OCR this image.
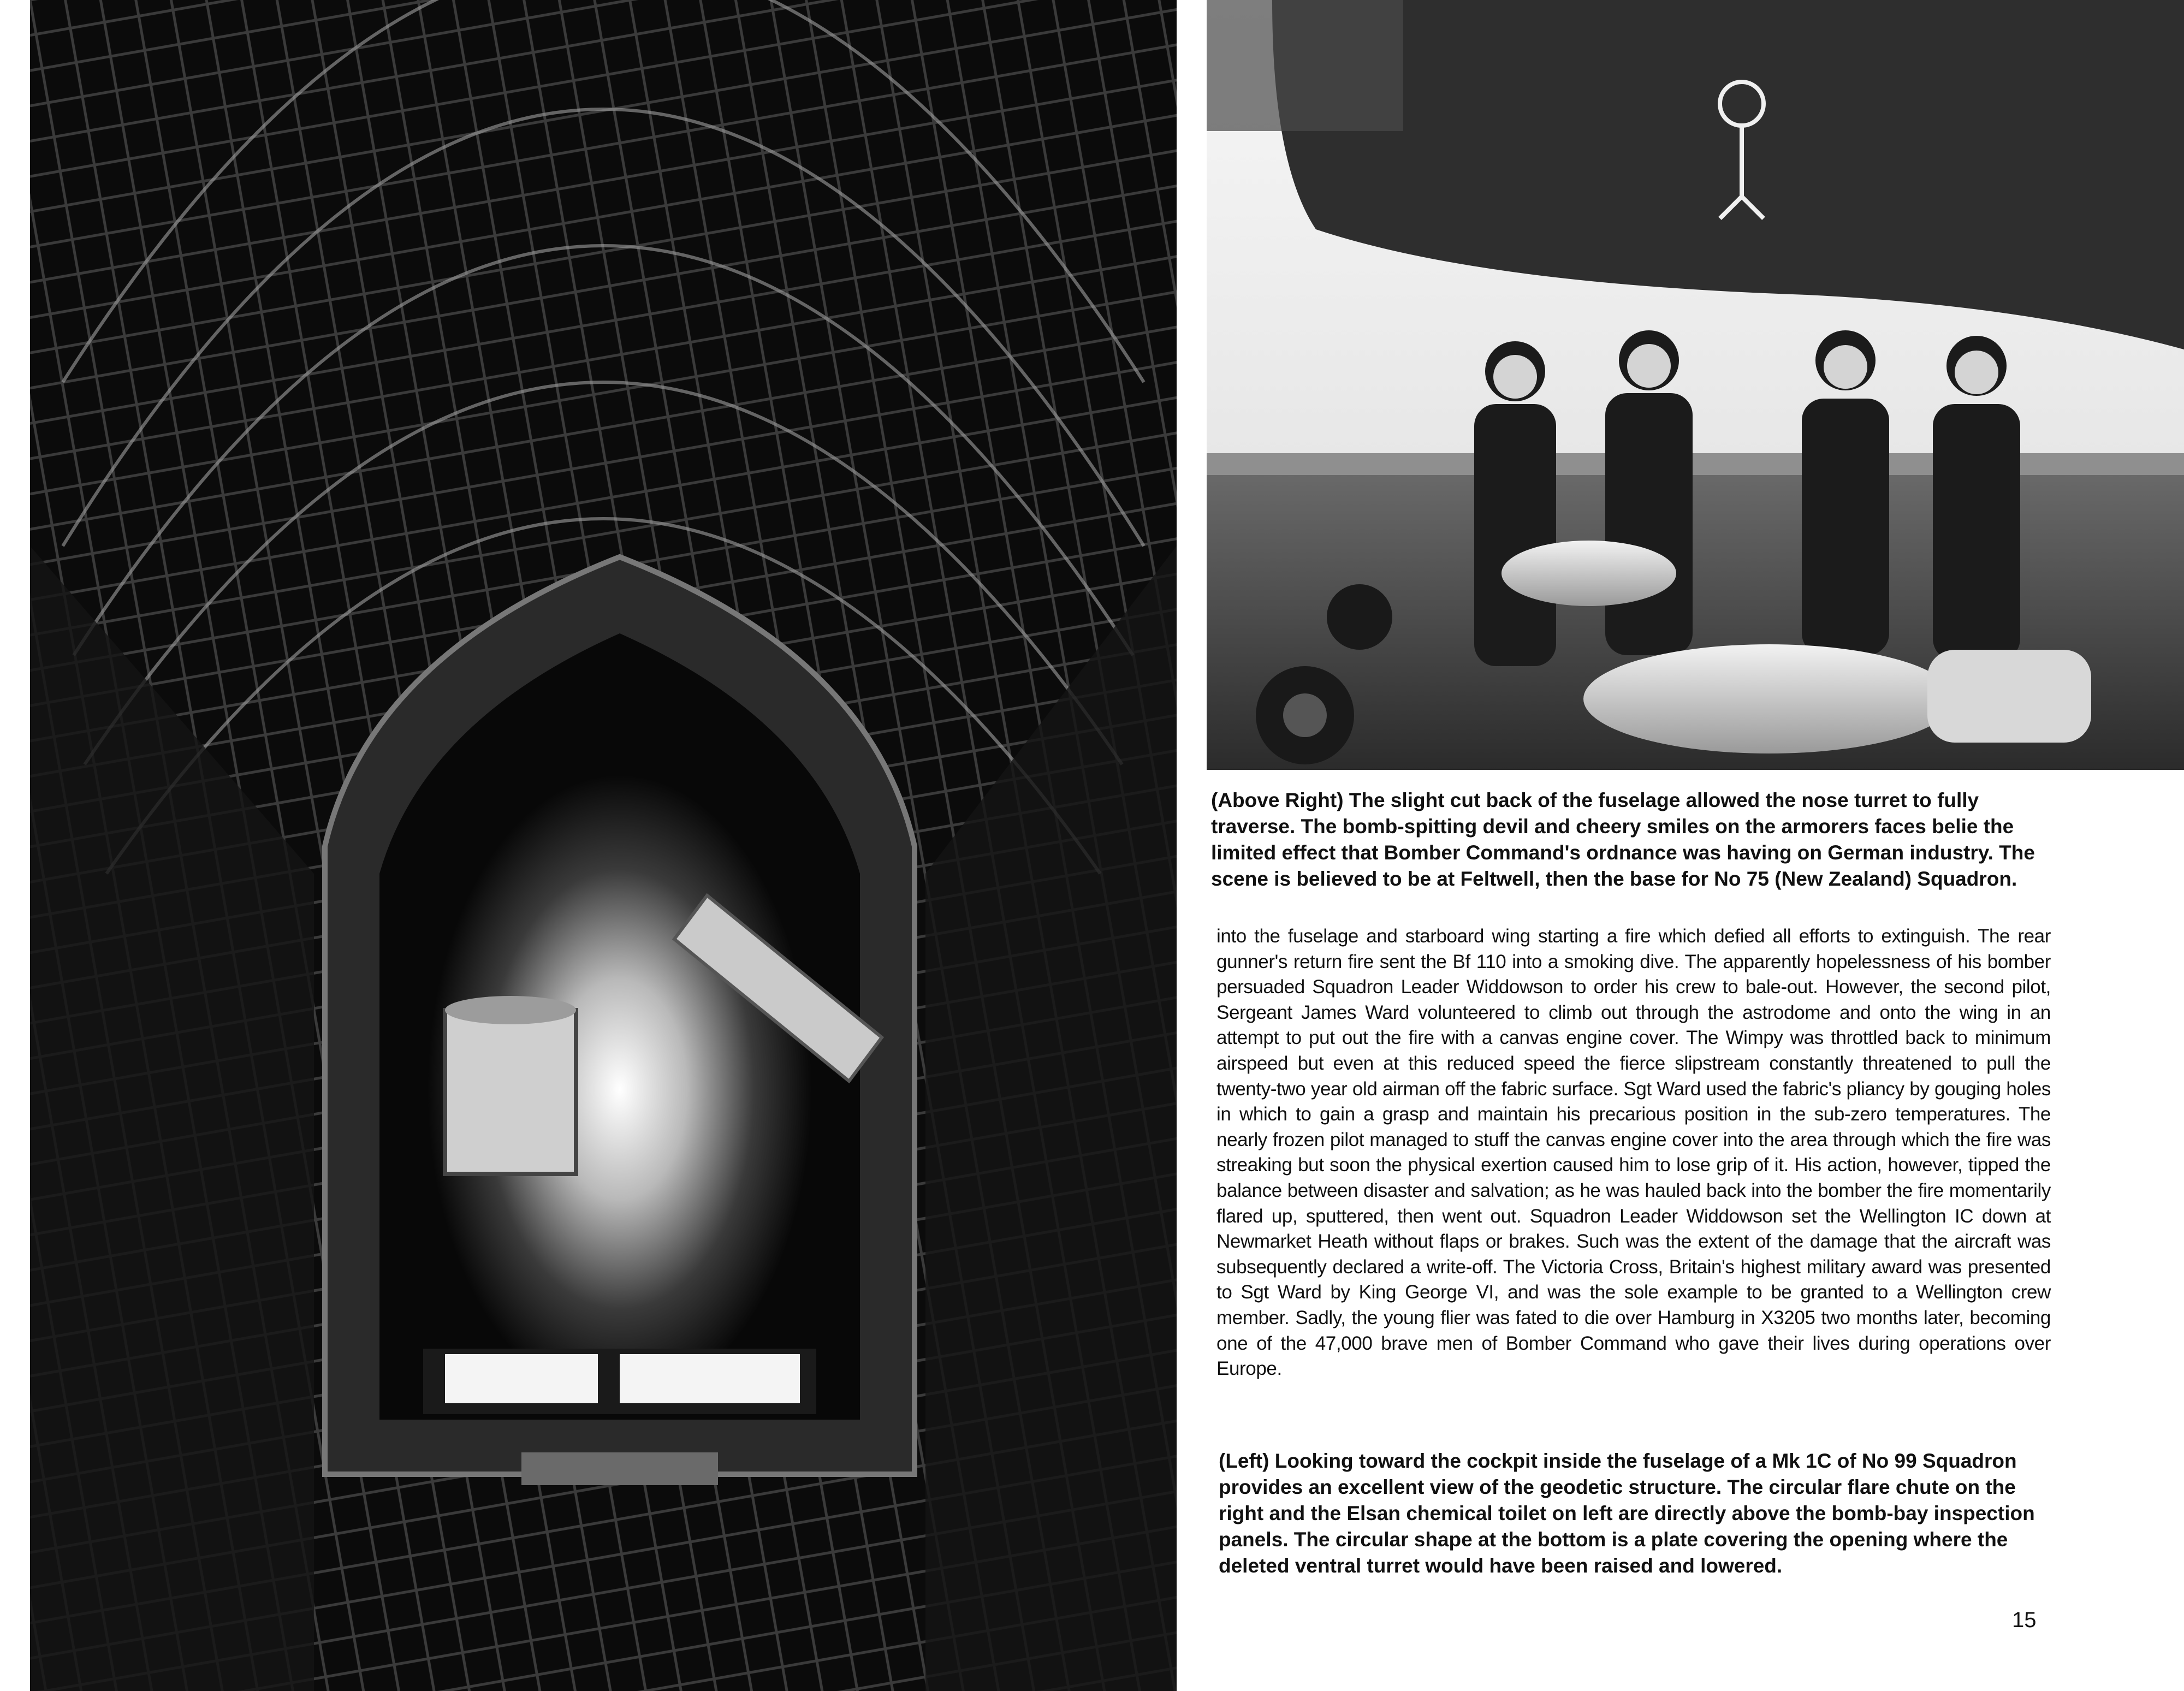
(Above Right) The slight cut back of the fuselage allowed the nose turret to fully traverse. The bomb-spitting devil and cheery smiles on the armorers faces belie the limited effect that Bomber Command's ordnance was having on German industry. The scene is believed to be at Feltwell, then the base for No 75 (New Zealand) Squadron.

into the fuselage and starboard wing starting a fire which defied all efforts to extinguish. The rear gunner's return fire sent the Bf 110 into a smoking dive. The apparently hopelessness of his bomber persuaded Squadron Leader Widdowson to order his crew to bale-out. However, the second pilot, Sergeant James Ward volunteered to climb out through the astrodome and onto the wing in an attempt to put out the fire with a canvas engine cover. The Wimpy was throttled back to minimum airspeed but even at this reduced speed the fierce slipstream constantly threatened to pull the twenty-two year old airman off the fabric surface. Sgt Ward used the fabric's pliancy by gouging holes in which to gain a grasp and maintain his precarious position in the sub-zero temperatures. The nearly frozen pilot managed to stuff the canvas engine cover into the area through which the fire was streaking but soon the physical exertion caused him to lose grip of it. His action, however, tipped the balance between disaster and salvation; as he was hauled back into the bomber the fire momentarily flared up, sputtered, then went out. Squadron Leader Widdowson set the Wellington IC down at Newmarket Heath without flaps or brakes. Such was the extent of the damage that the aircraft was subsequently declared a write-off. The Victoria Cross, Britain's highest military award was presented to Sgt Ward by King George VI, and was the sole example to be granted to a Wellington crew member. Sadly, the young flier was fated to die over Hamburg in X3205 two months later, becoming one of the 47,000 brave men of Bomber Command who gave their lives during operations over Europe.

(Left) Looking toward the cockpit inside the fuselage of a Mk 1C of No 99 Squadron provides an excellent view of the geodetic structure. The circular flare chute on the right and the Elsan chemical toilet on left are directly above the bomb-bay inspection panels. The circular shape at the bottom is a plate covering the opening where the deleted ventral turret would have been raised and lowered.

15
